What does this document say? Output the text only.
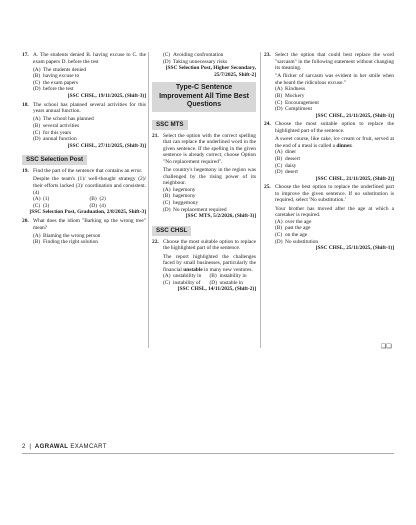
17. A. The students denied B. having excuse to C. the exam papers D. before the test
(A) The students denied
(B) having excuse to
(C) the exam papers
(D) before the test
[SSC CHSL, 19/11/2025, (Shift-3)]
18. The school has planned several activities for this years annual function.
(A) The school has planned
(B) several activities
(C) for this years
(D) annual function
[SSC CHSL, 27/11/2025, (Shift-3)]
SSC Selection Post
19. Find the part of the sentence that contains an error.
Despite the team's (1)/ well-thought strategy (2)/ their efforts lacked (3)/ coordination and consistent. (4)
(A) (1)	(B) (2)
(C) (3)	(D) (4)
[SSC Selection Post, Graduation, 2/8/2025, Shift-3]
20. What does the idiom "Barking up the wrong tree" mean?
(A) Blaming the wrong person
(B) Finding the right solution
(C) Avoiding confrontation
(D) Taking unnecessary risks
[SSC Selection Post, Higher Secondary, 25/7/2025, Shift-2]
Type-C Sentence Improvement All Time Best Questions
SSC MTS
21. Select the option with the correct spelling that can replace the underlined word in the given sentence. If the spelling in the given sentence is already correct, choose Option "No replacement required".
The country's hegemony in the region was challenged by the rising power of its neighbour.
(A) hegemony
(B) hagemony
(C) heggemony
(D) No replacement required
[SSC MTS, 5/2/2026, (Shift-3)]
SSC CHSL
22. Choose the most suitable option to replace the highlighted part of the sentence.
The report highlighted the challenges faced by small businesses, particularly the financial unstable in many new ventures.
(A) unstability in (B) instability in
(C) instability of (D) unstable in
[SSC CHSL, 14/11/2025, (Shift-2)]
23. Select the option that could best replace the word "sarcasm" in the following statement without changing its meaning.
"A flicker of sarcasm was evident in her smile when she heard the ridiculous excuse."
(A) Kindness
(B) Mockery
(C) Encouragement
(D) Compliment
[SSC CHSL, 21/11/2025, (Shift-1)]
24. Choose the most suitable option to replace the highlighted part of the sentence.
A sweet course, like cake, ice cream or fruit, served at the end of a meal is called a dinner.
(A) diner
(B) dessert
(C) daisy
(D) desert
[SSC CHSL, 21/11/2025, (Shift-2)]
25. Choose the best option to replace the underlined part to improve the given sentence. If no substitution is required, select 'No substitution.'
Your brother has moved after the age at which a caretaker is required.
(A) over the age
(B) past the age
(C) on the age
(D) No substitution
[SSC CHSL, 25/11/2025, (Shift-1)]
❏❏
2 | AGRAWAL EXAMCART
